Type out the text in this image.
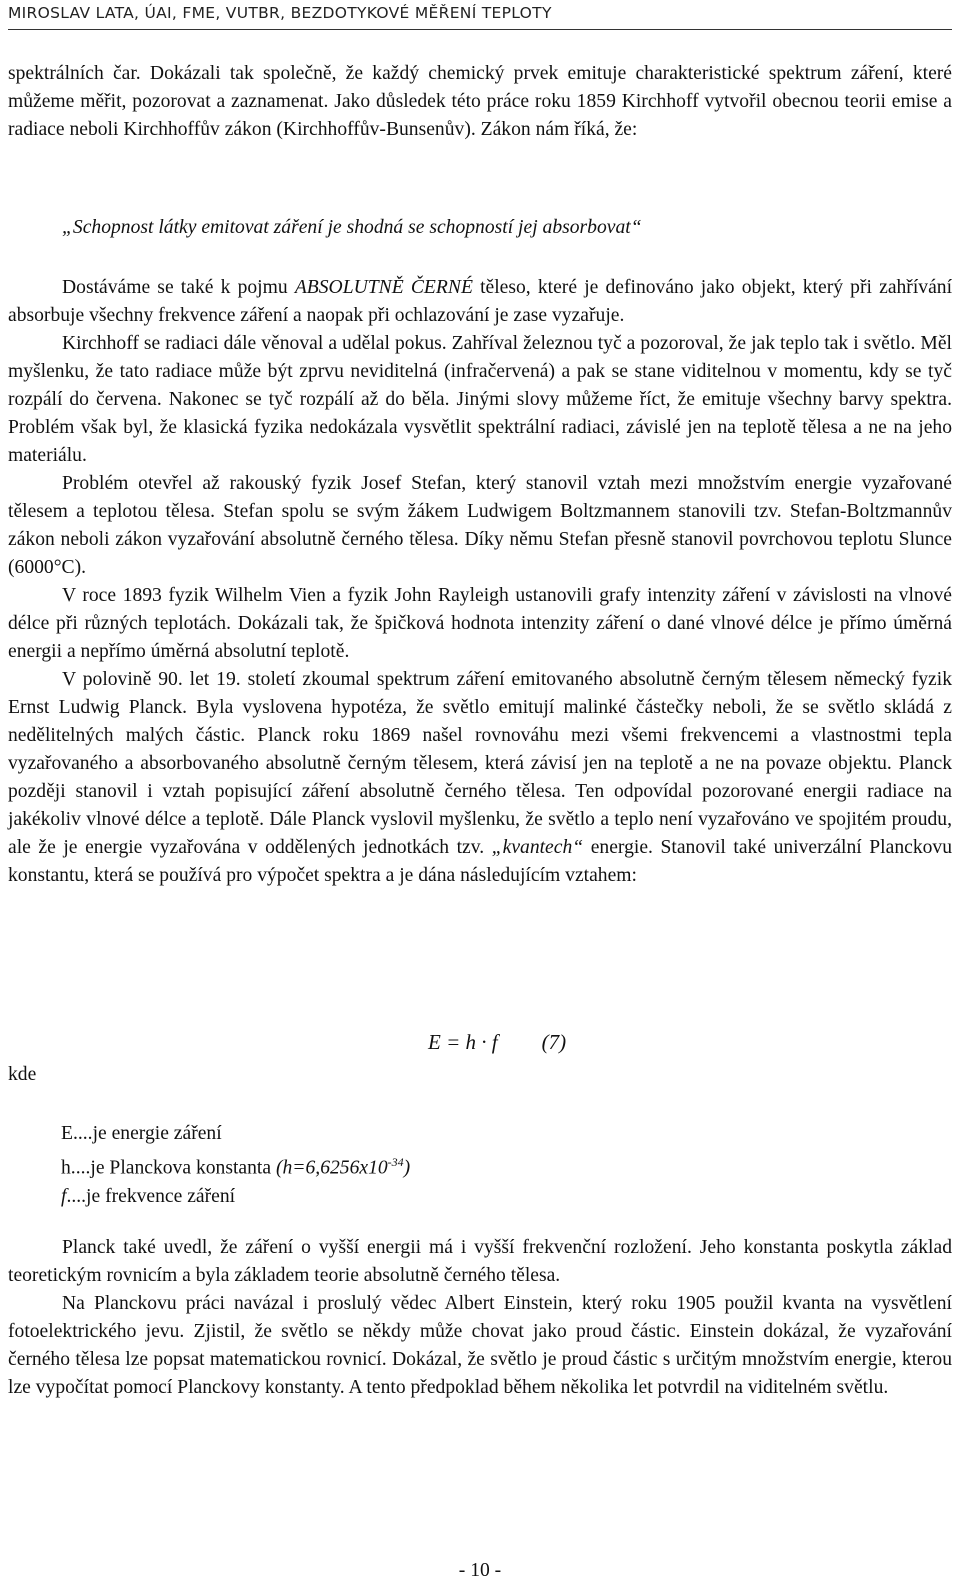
MIROSLAV LATA, ÚAI, FME, VUTBR, BEZDOTYKOVÉ MĚŘENÍ TEPLOTY

spektrálních čar. Dokázali tak společně, že každý chemický prvek emituje charakteristické spektrum záření, které můžeme měřit, pozorovat a zaznamenat. Jako důsledek této práce roku 1859 Kirchhoff vytvořil obecnou teorii emise a radiace neboli Kirchhoffův zákon (Kirchhoffův-Bunsenův). Zákon nám říká, že:

„Schopnost látky emitovat záření je shodná se schopností jej absorbovat“

Dostáváme se také k pojmu ABSOLUTNĚ ČERNÉ těleso, které je definováno jako objekt, který při zahřívání absorbuje všechny frekvence záření a naopak při ochlazování je zase vyzařuje.

Kirchhoff se radiaci dále věnoval a udělal pokus. Zahříval železnou tyč a pozoroval, že jak teplo tak i světlo. Měl myšlenku, že tato radiace může být zprvu neviditelná (infračervená) a pak se stane viditelnou v momentu, kdy se tyč rozpálí do červena. Nakonec se tyč rozpálí až do běla. Jinými slovy můžeme říct, že emituje všechny barvy spektra. Problém však byl, že klasická fyzika nedokázala vysvětlit spektrální radiaci, závislé jen na teplotě tělesa a ne na jeho materiálu.

Problém otevřel až rakouský fyzik Josef Stefan, který stanovil vztah mezi množstvím energie vyzařované tělesem a teplotou tělesa. Stefan spolu se svým žákem Ludwigem Boltzmannem stanovili tzv. Stefan-Boltzmannův zákon neboli zákon vyzařování absolutně černého tělesa. Díky němu Stefan přesně stanovil povrchovou teplotu Slunce (6000°C).

V roce 1893 fyzik Wilhelm Vien a fyzik John Rayleigh ustanovili grafy intenzity záření v závislosti na vlnové délce při různých teplotách. Dokázali tak, že špičková hodnota intenzity záření o dané vlnové délce je přímo úměrná energii a nepřímo úměrná absolutní teplotě.

V polovině 90. let 19. století zkoumal spektrum záření emitovaného absolutně černým tělesem německý fyzik Ernst Ludwig Planck. Byla vyslovena hypotéza, že světlo emitují malinké částečky neboli, že se světlo skládá z nedělitelných malých částic. Planck roku 1869 našel rovnováhu mezi všemi frekvencemi a vlastnostmi tepla vyzařovaného a absorbovaného absolutně černým tělesem, která závisí jen na teplotě a ne na povaze objektu. Planck později stanovil i vztah popisující záření absolutně černého tělesa. Ten odpovídal pozorované energii radiace na jakékoliv vlnové délce a teplotě. Dále Planck vyslovil myšlenku, že světlo a teplo není vyzařováno ve spojitém proudu, ale že je energie vyzařována v oddělených jednotkách tzv. „kvantech“ energie. Stanovil také univerzální Planckovu konstantu, která se používá pro výpočet spektra a je dána následujícím vztahem:

E = h · f (7)
kde
E....je energie záření
h....je Planckova konstanta $(h=6,6256x10^{-34})$
f....je frekvence záření

Planck také uvedl, že záření o vyšší energii má i vyšší frekvenční rozložení. Jeho konstanta poskytla základ teoretickým rovnicím a byla základem teorie absolutně černého tělesa.

Na Planckovu práci navázal i proslulý vědec Albert Einstein, který roku 1905 použil kvanta na vysvětlení fotoelektrického jevu. Zjistil, že světlo se někdy může chovat jako proud částic. Einstein dokázal, že vyzařování černého tělesa lze popsat matematickou rovnicí. Dokázal, že světlo je proud částic s určitým množstvím energie, kterou lze vypočítat pomocí Planckovy konstanty. A tento předpoklad během několika let potvrdil na viditelném světlu.

- 10 -
